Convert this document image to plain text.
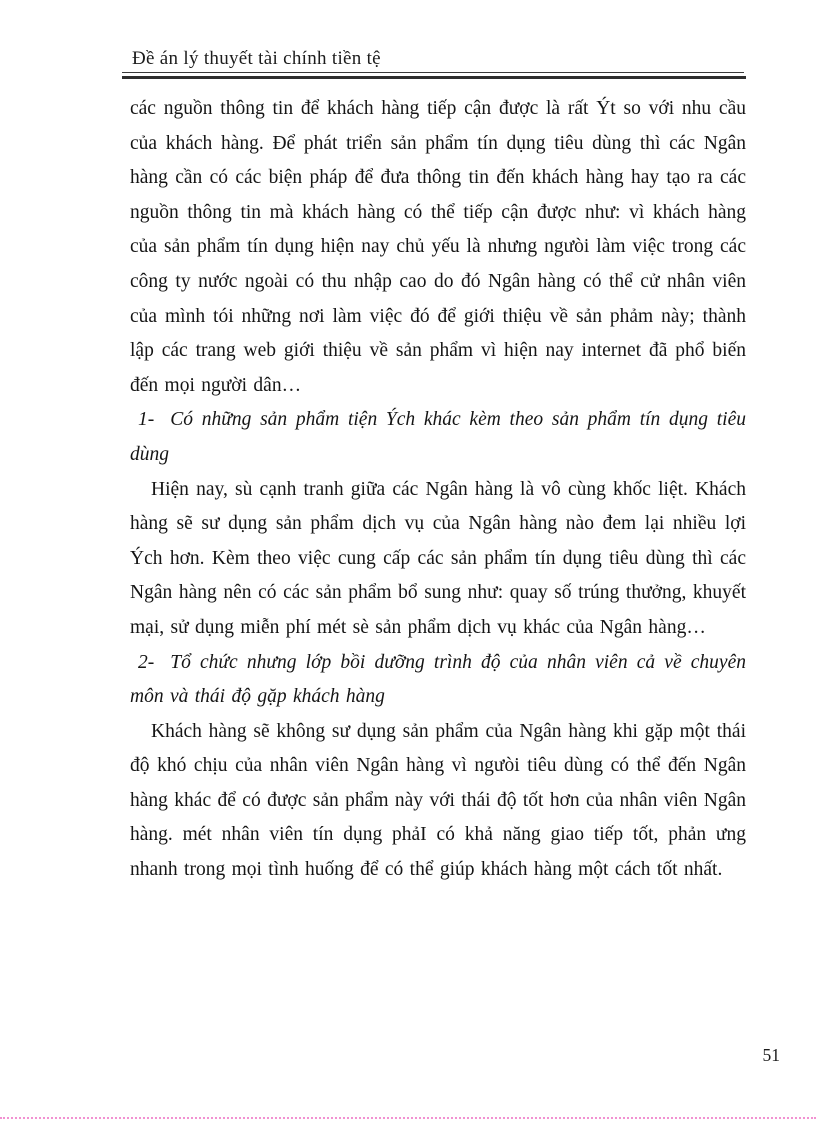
Đề án lý thuyết tài chính tiền tệ

các nguồn thông tin để khách hàng tiếp cận được là rất Ýt so với nhu cầu của khách hàng. Để phát triển sản phẩm tín dụng tiêu dùng thì các Ngân hàng cần có các biện pháp để đưa thông tin đến khách hàng hay tạo ra các nguồn thông tin mà khách hàng có thể tiếp cận được như: vì khách hàng của sản phẩm tín dụng hiện nay chủ yếu là nhưng ngưòi làm việc trong các công ty nước ngoài có thu nhập cao do đó Ngân hàng có thể cử nhân viên của mình tói những nơi làm việc đó để giới thiệu về sản phảm này; thành lập các trang web giới thiệu về sản phẩm vì hiện nay internet đã phổ biến đến mọi người dân…

1- Có những sản phẩm tiện Ých khác kèm theo sản phẩm tín dụng tiêu dùng

Hiện nay, sù cạnh tranh giữa các Ngân hàng là vô cùng khốc liệt. Khách hàng sẽ sư dụng sản phẩm dịch vụ của Ngân hàng nào đem lại nhiều lợi Ých hơn. Kèm theo việc cung cấp các sản phẩm tín dụng tiêu dùng thì các Ngân hàng nên có các sản phẩm bổ sung như: quay số trúng thưởng, khuyết mại, sử dụng miễn phí mét sè sản phẩm dịch vụ khác của Ngân hàng…

2- Tổ chức nhưng lớp bồi dưỡng trình độ của nhân viên cả về chuyên môn và thái độ gặp khách hàng

Khách hàng sẽ không sư dụng sản phẩm của Ngân hàng khi gặp một thái độ khó chịu của nhân viên Ngân hàng vì ngưòi tiêu dùng có thể đến Ngân hàng khác để có được sản phẩm này với thái độ tốt hơn của nhân viên Ngân hàng. mét nhân viên tín dụng phảI có khả năng giao tiếp tốt, phản ưng nhanh trong mọi tình huống để có thể giúp khách hàng một cách tốt nhất.

51
